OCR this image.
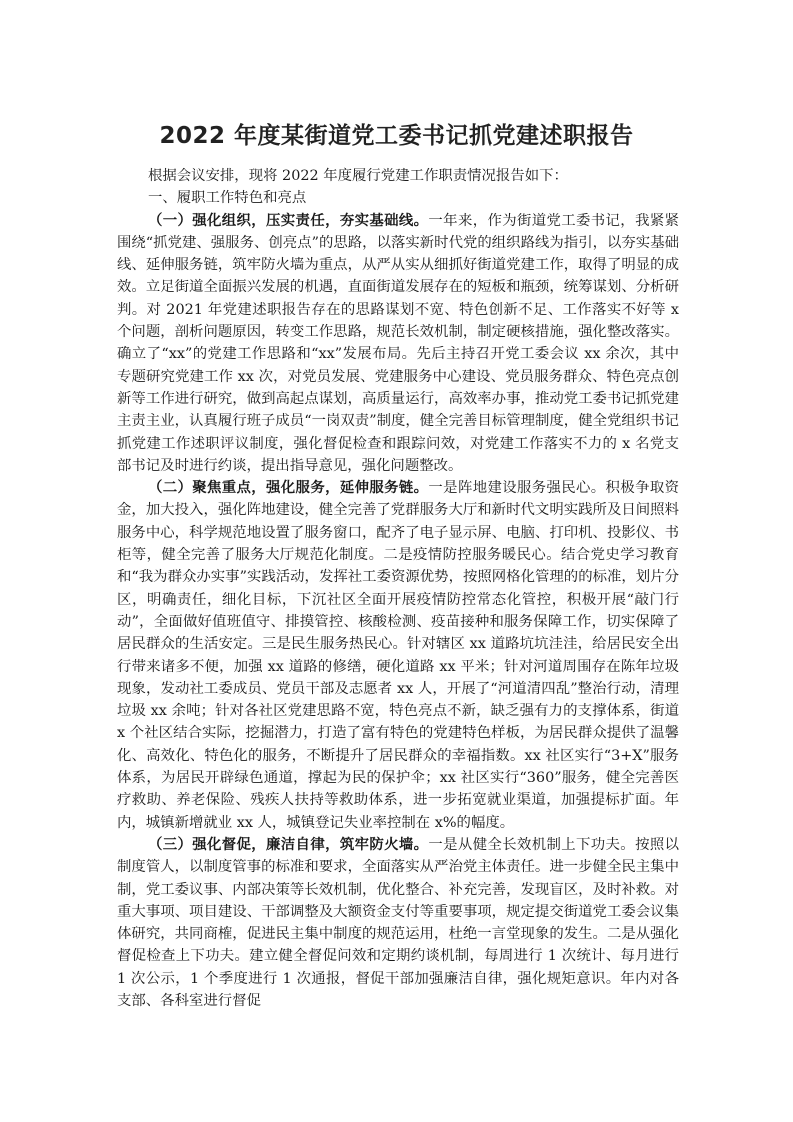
2022 年度某街道党工委书记抓党建述职报告

根据会议安排，现将 2022 年度履行党建工作职责情况报告如下：

一、履职工作特色和亮点

（一）强化组织，压实责任，夯实基础线。一年来，作为街道党工委书记，我紧紧围绕“抓党建、强服务、创亮点”的思路，以落实新时代党的组织路线为指引，以夯实基础线、延伸服务链，筑牢防火墙为重点，从严从实从细抓好街道党建工作，取得了明显的成效。立足街道全面振兴发展的机遇，直面街道发展存在的短板和瓶颈，统筹谋划、分析研判。对 2021 年党建述职报告存在的思路谋划不宽、特色创新不足、工作落实不好等 x 个问题，剖析问题原因，转变工作思路，规范长效机制，制定硬核措施，强化整改落实。确立了“xx”的党建工作思路和“xx”发展布局。先后主持召开党工委会议 xx 余次，其中专题研究党建工作 xx 次，对党员发展、党建服务中心建设、党员服务群众、特色亮点创新等工作进行研究，做到高起点谋划，高质量运行，高效率办事，推动党工委书记抓党建主责主业，认真履行班子成员“一岗双责”制度，健全完善目标管理制度，健全党组织书记抓党建工作述职评议制度，强化督促检查和跟踪问效，对党建工作落实不力的 x 名党支部书记及时进行约谈，提出指导意见，强化问题整改。

（二）聚焦重点，强化服务，延伸服务链。一是阵地建设服务强民心。积极争取资金，加大投入，强化阵地建设，健全完善了党群服务大厅和新时代文明实践所及日间照料服务中心，科学规范地设置了服务窗口，配齐了电子显示屏、电脑、打印机、投影仪、书柜等，健全完善了服务大厅规范化制度。二是疫情防控服务暖民心。结合党史学习教育和“我为群众办实事”实践活动，发挥社工委资源优势，按照网格化管理的的标准，划片分区，明确责任，细化目标，下沉社区全面开展疫情防控常态化管控，积极开展“敲门行动”，全面做好值班值守、排摸管控、核酸检测、疫苗接种和服务保障工作，切实保障了居民群众的生活安定。三是民生服务热民心。针对辖区 xx 道路坑坑洼洼，给居民安全出行带来诸多不便，加强 xx 道路的修缮，硬化道路 xx 平米；针对河道周围存在陈年垃圾现象，发动社工委成员、党员干部及志愿者 xx 人，开展了“河道清四乱”整治行动，清理垃圾 xx 余吨；针对各社区党建思路不宽，特色亮点不新，缺乏强有力的支撑体系，街道 x 个社区结合实际，挖掘潜力，打造了富有特色的党建特色样板，为居民群众提供了温馨化、高效化、特色化的服务，不断提升了居民群众的幸福指数。xx 社区实行“3+X”服务体系，为居民开辟绿色通道，撑起为民的保护伞；xx 社区实行“360”服务，健全完善医疗救助、养老保险、残疾人扶持等救助体系，进一步拓宽就业渠道，加强提标扩面。年内，城镇新增就业 xx 人，城镇登记失业率控制在 x%的幅度。

（三）强化督促，廉洁自律，筑牢防火墙。一是从健全长效机制上下功夫。按照以制度管人，以制度管事的标准和要求，全面落实从严治党主体责任。进一步健全民主集中制，党工委议事、内部决策等长效机制，优化整合、补充完善，发现盲区，及时补救。对重大事项、项目建设、干部调整及大额资金支付等重要事项，规定提交街道党工委会议集体研究，共同商榷，促进民主集中制度的规范运用，杜绝一言堂现象的发生。二是从强化督促检查上下功夫。建立健全督促问效和定期约谈机制，每周进行 1 次统计、每月进行 1 次公示，1 个季度进行 1 次通报，督促干部加强廉洁自律，强化规矩意识。年内对各支部、各科室进行督促
